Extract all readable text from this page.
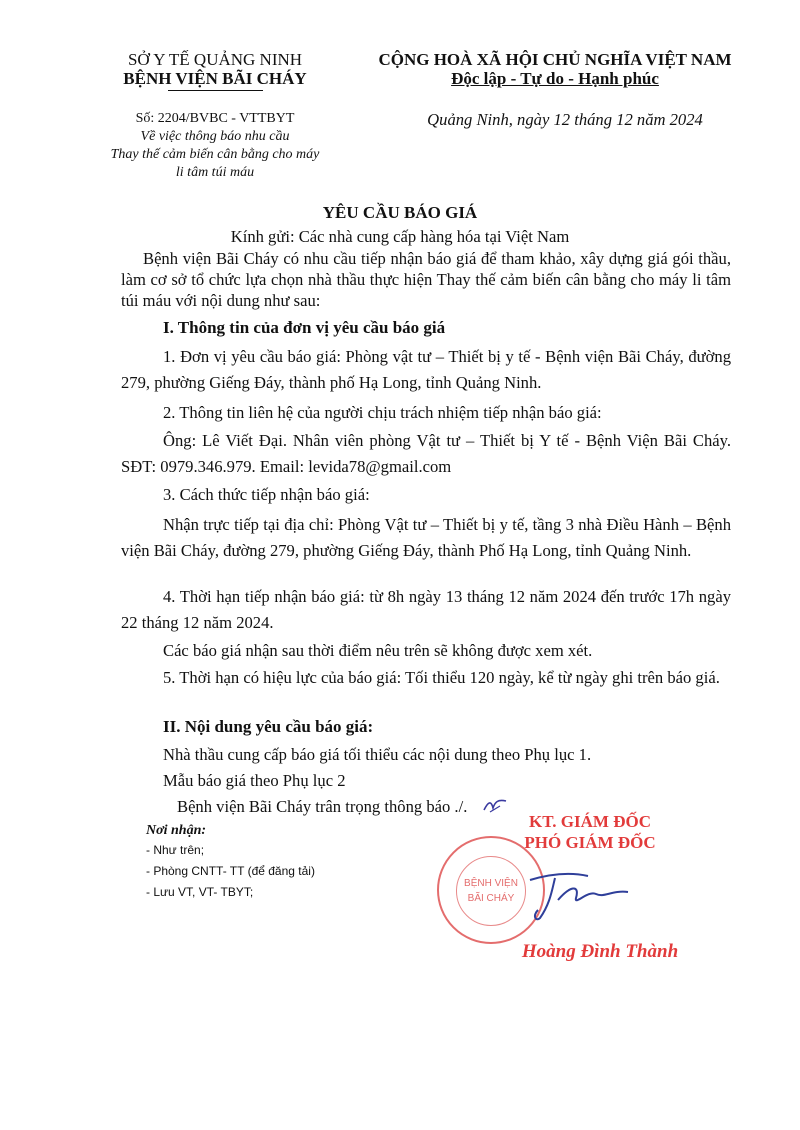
SỞ Y TẾ QUẢNG NINH
BỆNH VIỆN BÃI CHÁY
CỘNG HOÀ XÃ HỘI CHỦ NGHĨA VIỆT NAM
Độc lập - Tự do - Hạnh phúc
Số: 2204/BVBC - VTTBYT
Về việc thông báo nhu cầu
Thay thế cảm biến cân bằng cho máy
li tâm túi máu
Quảng Ninh, ngày 12 tháng 12 năm 2024
YÊU CẦU BÁO GIÁ
Kính gửi: Các nhà cung cấp hàng hóa tại Việt Nam
Bệnh viện Bãi Cháy có nhu cầu tiếp nhận báo giá để tham khảo, xây dựng giá gói thầu, làm cơ sở tổ chức lựa chọn nhà thầu thực hiện Thay thế cảm biến cân bằng cho máy li tâm túi máu với nội dung như sau:
I. Thông tin của đơn vị yêu cầu báo giá
1. Đơn vị yêu cầu báo giá: Phòng vật tư – Thiết bị y tế - Bệnh viện Bãi Cháy, đường 279, phường Giếng Đáy, thành phố Hạ Long, tỉnh Quảng Ninh.
2. Thông tin liên hệ của người chịu trách nhiệm tiếp nhận báo giá:
Ông: Lê Viết Đại. Nhân viên phòng Vật tư – Thiết bị Y tế - Bệnh Viện Bãi Cháy. SĐT: 0979.346.979. Email: levida78@gmail.com
3. Cách thức tiếp nhận báo giá:
Nhận trực tiếp tại địa chỉ: Phòng Vật tư – Thiết bị y tế, tầng 3 nhà Điều Hành – Bệnh viện Bãi Cháy, đường 279, phường Giếng Đáy, thành Phố Hạ Long, tỉnh Quảng Ninh.
4. Thời hạn tiếp nhận báo giá: từ 8h ngày 13 tháng 12 năm 2024 đến trước 17h ngày 22 tháng 12 năm 2024.
Các báo giá nhận sau thời điểm nêu trên sẽ không được xem xét.
5. Thời hạn có hiệu lực của báo giá: Tối thiểu 120 ngày, kể từ ngày ghi trên báo giá.
II. Nội dung yêu cầu báo giá:
Nhà thầu cung cấp báo giá tối thiểu các nội dung theo Phụ lục 1.
Mẫu báo giá theo Phụ lục 2
Bệnh viện Bãi Cháy trân trọng thông báo ./.
Nơi nhận:
- Như trên;
- Phòng CNTT- TT (để đăng tải)
- Lưu VT, VT- TBYT;
KT. GIÁM ĐỐC
PHÓ GIÁM ĐỐC
BỆNH VIỆN
BÃI CHÁY
Hoàng Đình Thành
